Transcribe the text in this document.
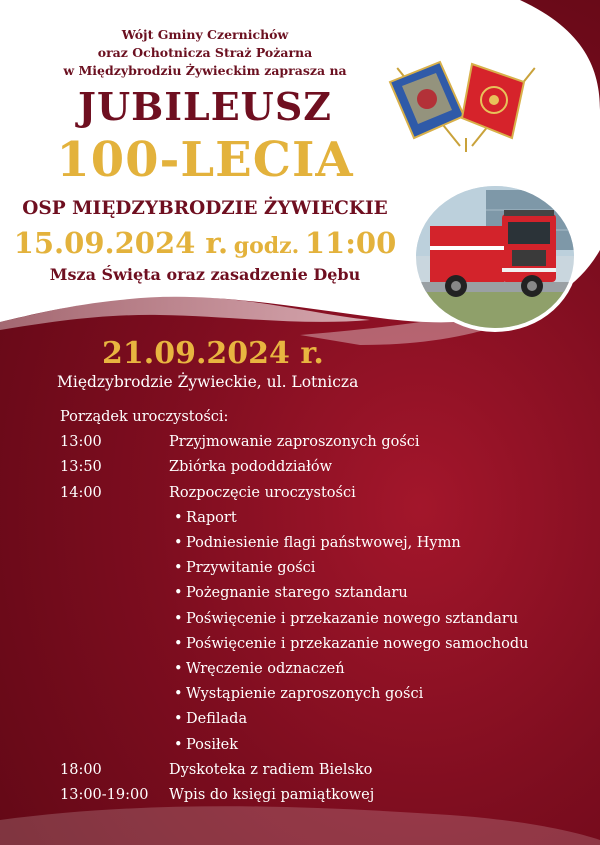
Wójt Gminy Czernichów
oraz Ochotnicza Straż Pożarna
w Międzybrodziu Żywieckim zaprasza na
JUBILEUSZ
100-LECIA
OSP MIĘDZYBRODZIE ŻYWIECKIE
15.09.2024 r. godz. 11:00
Msza Święta oraz zasadzenie Dębu
21.09.2024 r.
Międzybrodzie Żywieckie, ul. Lotnicza
Porządek uroczystości:
13:00	Przyjmowanie zaproszonych gości
13:50	Zbiórka pododdziałów
14:00	Rozpoczęcie uroczystości
• Raport
• Podniesienie flagi państwowej, Hymn
• Przywitanie gości
• Pożegnanie starego sztandaru
• Poświęcenie i przekazanie nowego sztandaru
• Poświęcenie i przekazanie nowego samochodu
• Wręczenie odznaczeń
• Wystąpienie zaproszonych gości
• Defilada
• Posiłek
18:00	Dyskoteka z radiem Bielsko
13:00-19:00 Wpis do księgi pamiątkowej
